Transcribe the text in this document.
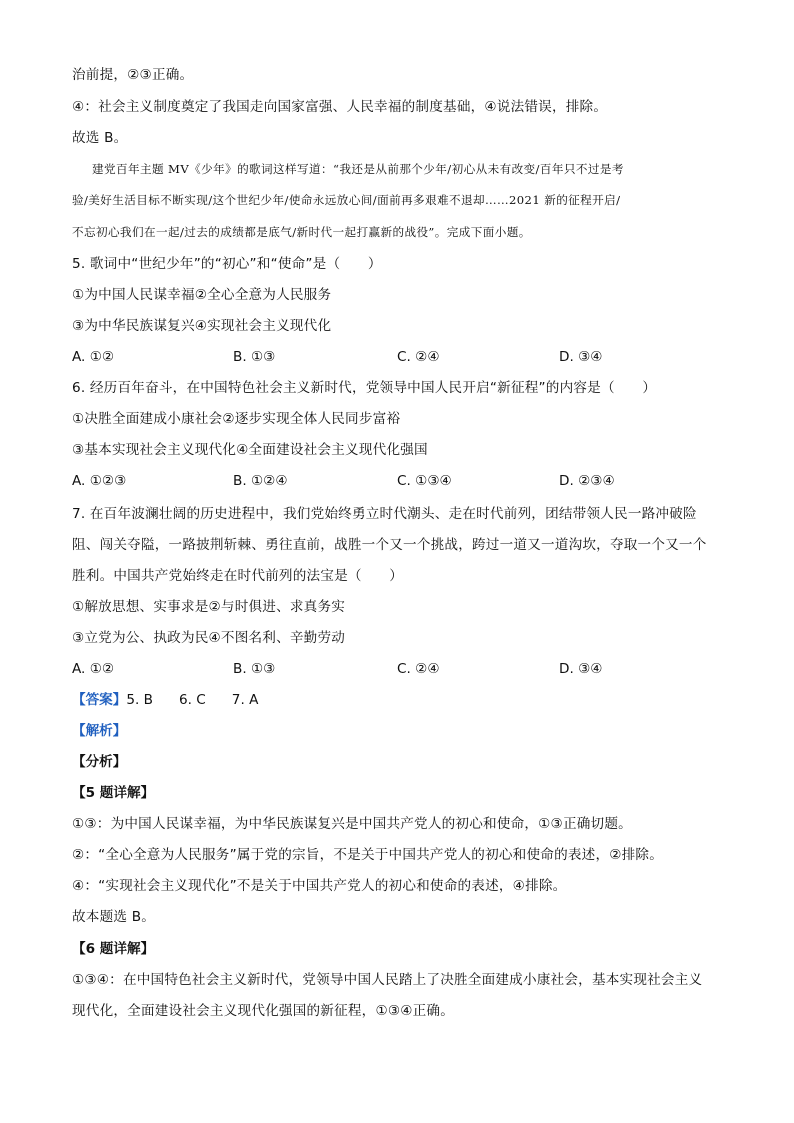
治前提，②③正确。
④：社会主义制度奠定了我国走向国家富强、人民幸福的制度基础，④说法错误，排除。
故选 B。
建党百年主题 MV《少年》的歌词这样写道：“我还是从前那个少年/初心从未有改变/百年只不过是考
验/美好生活目标不断实现/这个世纪少年/使命永远放心间/面前再多艰难不退却……2021 新的征程开启/
不忘初心我们在一起/过去的成绩都是底气/新时代一起打赢新的战役”。完成下面小题。
5. 歌词中“世纪少年”的“初心”和“使命”是（　　）
①为中国人民谋幸福②全心全意为人民服务
③为中华民族谋复兴④实现社会主义现代化
A. ①②	B. ①③	C. ②④	D. ③④
6. 经历百年奋斗，在中国特色社会主义新时代，党领导中国人民开启“新征程”的内容是（　　）
①决胜全面建成小康社会②逐步实现全体人民同步富裕
③基本实现社会主义现代化④全面建设社会主义现代化强国
A. ①②③	B. ①②④	C. ①③④	D. ②③④
7. 在百年波澜壮阔的历史进程中，我们党始终勇立时代潮头、走在时代前列，团结带领人民一路冲破险
阻、闯关夺隘，一路披荆斩棘、勇往直前，战胜一个又一个挑战，跨过一道又一道沟坎，夺取一个又一个
胜利。中国共产党始终走在时代前列的法宝是（　　）
①解放思想、实事求是②与时俱进、求真务实
③立党为公、执政为民④不图名利、辛勤劳动
A. ①②	B. ①③	C. ②④	D. ③④
【答案】5. B 6. C 7. A
【解析】
【分析】
【5 题详解】
①③：为中国人民谋幸福，为中华民族谋复兴是中国共产党人的初心和使命，①③正确切题。
②：“全心全意为人民服务”属于党的宗旨，不是关于中国共产党人的初心和使命的表述，②排除。
④：“实现社会主义现代化”不是关于中国共产党人的初心和使命的表述，④排除。
故本题选 B。
【6 题详解】
①③④：在中国特色社会主义新时代，党领导中国人民踏上了决胜全面建成小康社会，基本实现社会主义
现代化，全面建设社会主义现代化强国的新征程，①③④正确。
